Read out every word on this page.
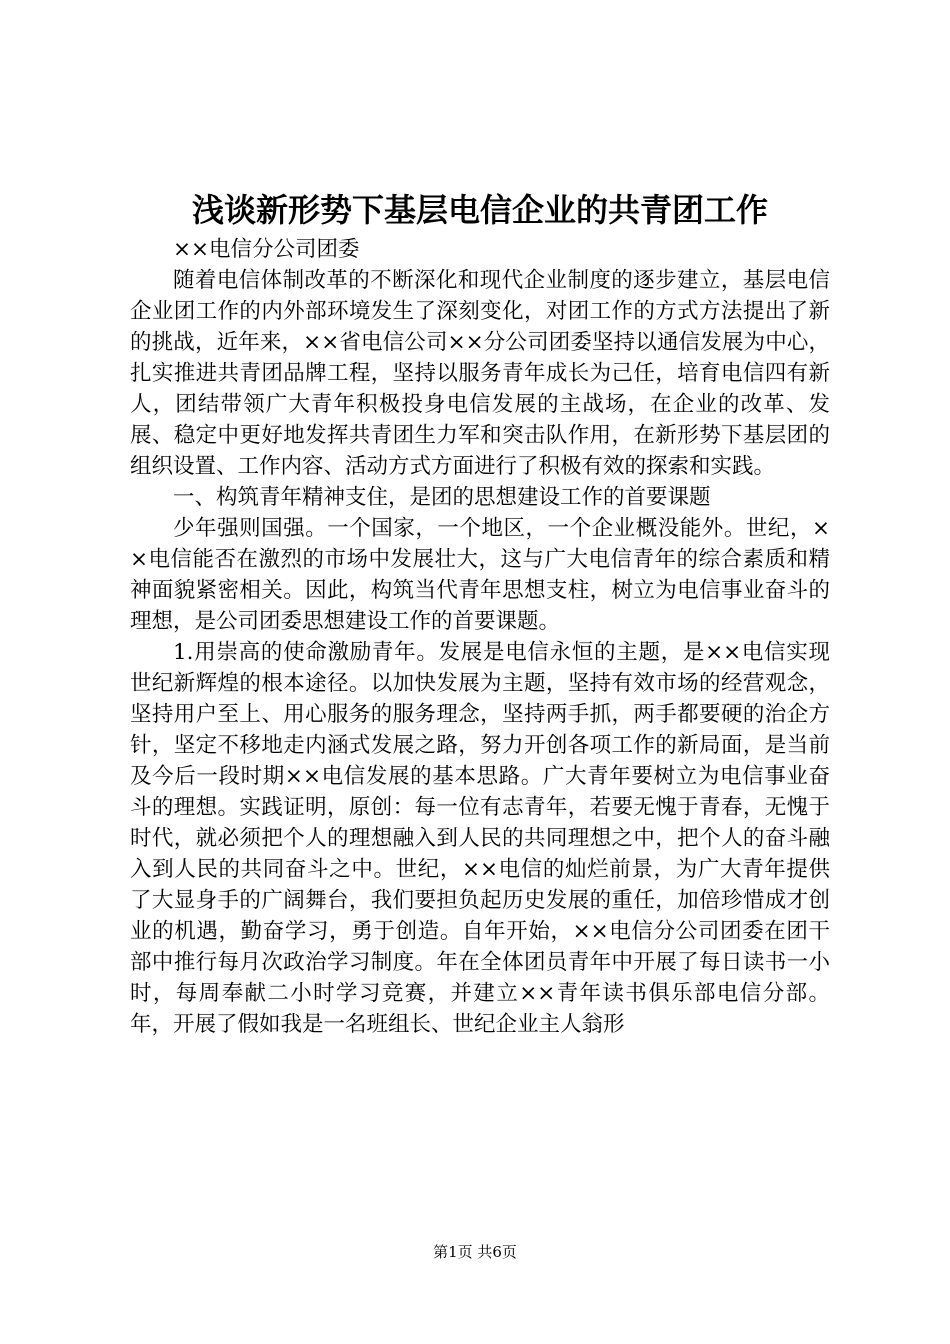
浅谈新形势下基层电信企业的共青团工作

××电信分公司团委

随着电信体制改革的不断深化和现代企业制度的逐步建立，基层电信企业团工作的内外部环境发生了深刻变化，对团工作的方式方法提出了新的挑战，近年来，××省电信公司××分公司团委坚持以通信发展为中心，扎实推进共青团品牌工程，坚持以服务青年成长为己任，培育电信四有新人，团结带领广大青年积极投身电信发展的主战场，在企业的改革、发展、稳定中更好地发挥共青团生力军和突击队作用，在新形势下基层团的组织设置、工作内容、活动方式方面进行了积极有效的探索和实践。

一、构筑青年精神支住，是团的思想建设工作的首要课题

少年强则国强。一个国家，一个地区，一个企业概没能外。世纪，××电信能否在激烈的市场中发展壮大，这与广大电信青年的综合素质和精神面貌紧密相关。因此，构筑当代青年思想支柱，树立为电信事业奋斗的理想，是公司团委思想建设工作的首要课题。

1.用崇高的使命激励青年。发展是电信永恒的主题，是××电信实现世纪新辉煌的根本途径。以加快发展为主题，坚持有效市场的经营观念，坚持用户至上、用心服务的服务理念，坚持两手抓，两手都要硬的治企方针，坚定不移地走内涵式发展之路，努力开创各项工作的新局面，是当前及今后一段时期××电信发展的基本思路。广大青年要树立为电信事业奋斗的理想。实践证明，原创：每一位有志青年，若要无愧于青春，无愧于时代，就必须把个人的理想融入到人民的共同理想之中，把个人的奋斗融入到人民的共同奋斗之中。世纪，××电信的灿烂前景，为广大青年提供了大显身手的广阔舞台，我们要担负起历史发展的重任，加倍珍惜成才创业的机遇，勤奋学习，勇于创造。自年开始，××电信分公司团委在团干部中推行每月次政治学习制度。年在全体团员青年中开展了每日读书一小时，每周奉献二小时学习竞赛，并建立××青年读书俱乐部电信分部。年，开展了假如我是一名班组长、世纪企业主人翁形

第1页 共6页
